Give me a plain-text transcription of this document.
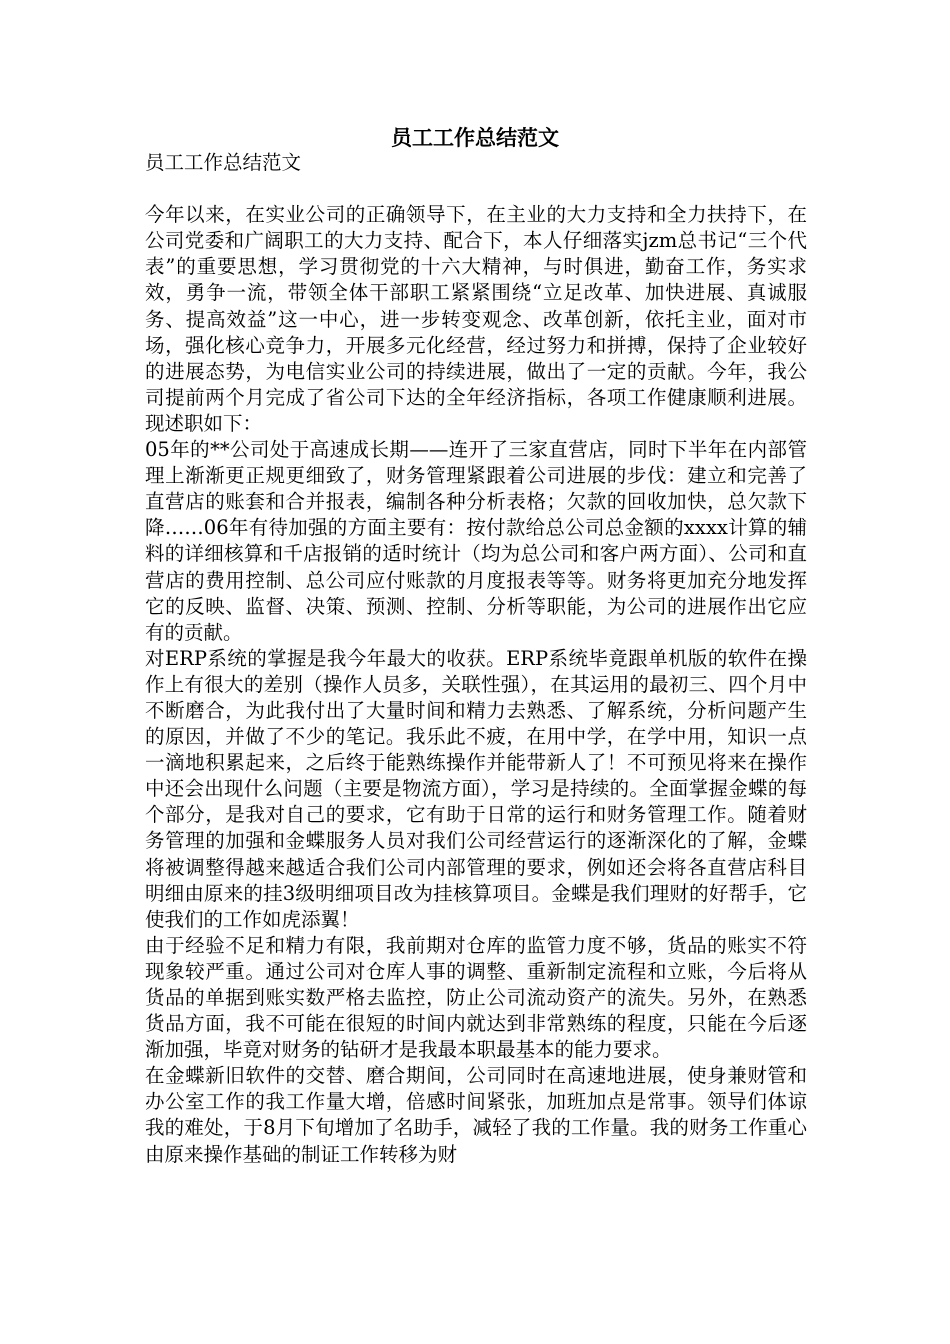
员工工作总结范文

员工工作总结范文

今年以来，在实业公司的正确领导下，在主业的大力支持和全力扶持下，在公司党委和广阔职工的大力支持、配合下，本人仔细落实jzm总书记“三个代表”的重要思想，学习贯彻党的十六大精神，与时俱进，勤奋工作，务实求效，勇争一流，带领全体干部职工紧紧围绕“立足改革、加快进展、真诚服务、提高效益”这一中心，进一步转变观念、改革创新，依托主业，面对市场，强化核心竞争力，开展多元化经营，经过努力和拼搏，保持了企业较好的进展态势，为电信实业公司的持续进展，做出了一定的贡献。今年，我公司提前两个月完成了省公司下达的全年经济指标，各项工作健康顺利进展。现述职如下：

05年的**公司处于高速成长期——连开了三家直营店，同时下半年在内部管理上渐渐更正规更细致了，财务管理紧跟着公司进展的步伐：建立和完善了直营店的账套和合并报表，编制各种分析表格；欠款的回收加快，总欠款下降……06年有待加强的方面主要有：按付款给总公司总金额的xxxx计算的辅料的详细核算和千店报销的适时统计（均为总公司和客户两方面）、公司和直营店的费用控制、总公司应付账款的月度报表等等。财务将更加充分地发挥它的反映、监督、决策、预测、控制、分析等职能，为公司的进展作出它应有的贡献。

对ERP系统的掌握是我今年最大的收获。ERP系统毕竟跟单机版的软件在操作上有很大的差别（操作人员多，关联性强），在其运用的最初三、四个月中不断磨合，为此我付出了大量时间和精力去熟悉、了解系统，分析问题产生的原因，并做了不少的笔记。我乐此不疲，在用中学，在学中用，知识一点一滴地积累起来，之后终于能熟练操作并能带新人了！不可预见将来在操作中还会出现什么问题（主要是物流方面），学习是持续的。全面掌握金蝶的每个部分，是我对自己的要求，它有助于日常的运行和财务管理工作。随着财务管理的加强和金蝶服务人员对我们公司经营运行的逐渐深化的了解，金蝶将被调整得越来越适合我们公司内部管理的要求，例如还会将各直营店科目明细由原来的挂3级明细项目改为挂核算项目。金蝶是我们理财的好帮手，它使我们的工作如虎添翼！

由于经验不足和精力有限，我前期对仓库的监管力度不够，货品的账实不符现象较严重。通过公司对仓库人事的调整、重新制定流程和立账，今后将从货品的单据到账实数严格去监控，防止公司流动资产的流失。另外，在熟悉货品方面，我不可能在很短的时间内就达到非常熟练的程度，只能在今后逐渐加强，毕竟对财务的钻研才是我最本职最基本的能力要求。

在金蝶新旧软件的交替、磨合期间，公司同时在高速地进展，使身兼财管和办公室工作的我工作量大增，倍感时间紧张，加班加点是常事。领导们体谅我的难处，于8月下旬增加了名助手，减轻了我的工作量。我的财务工作重心由原来操作基础的制证工作转移为财
